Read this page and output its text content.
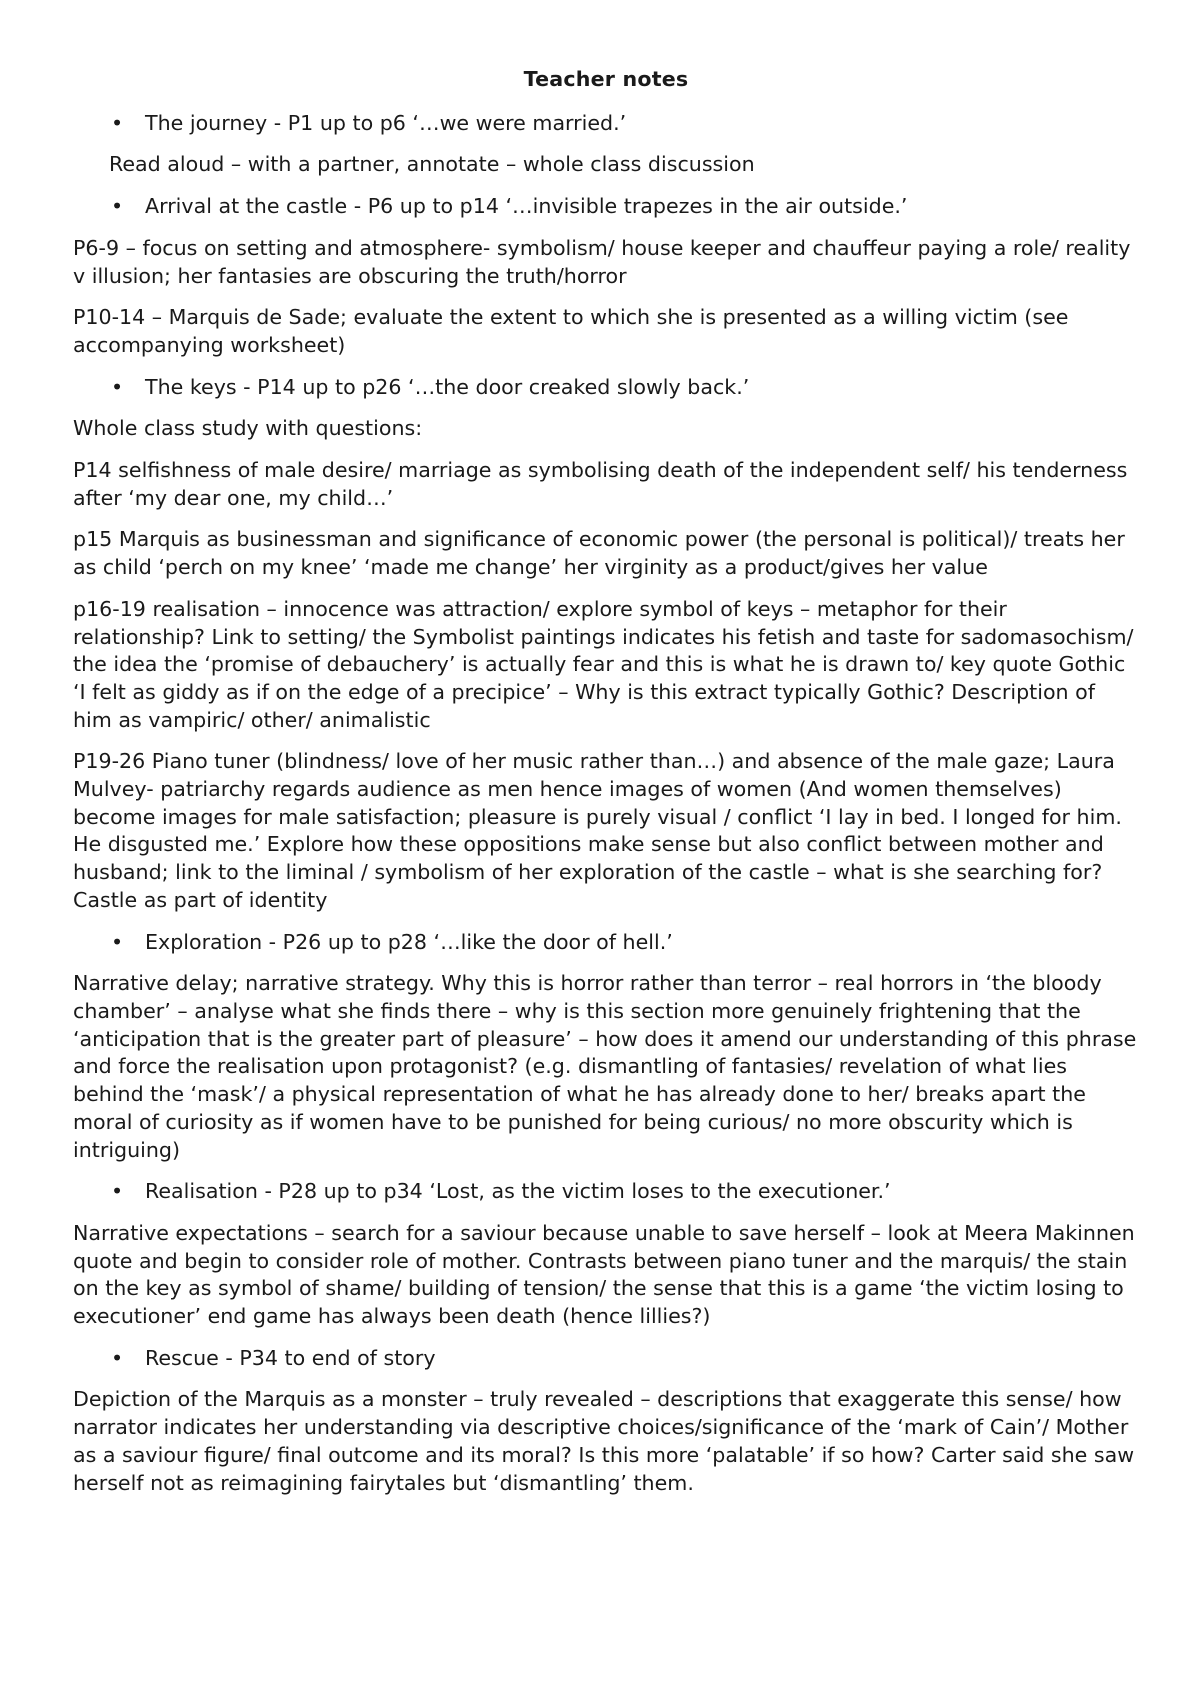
Teacher notes
• The journey - P1 up to p6 ‘…we were married.’

Read aloud – with a partner, annotate – whole class discussion

• Arrival at the castle - P6 up to p14 ‘…invisible trapezes in the air outside.’

P6-9 – focus on setting and atmosphere- symbolism/ house keeper and chauffeur paying a role/ reality v illusion; her fantasies are obscuring the truth/horror

P10-14 – Marquis de Sade; evaluate the extent to which she is presented as a willing victim (see accompanying worksheet)

• The keys - P14 up to p26 ‘…the door creaked slowly back.’

Whole class study with questions:

P14 selfishness of male desire/ marriage as symbolising death of the independent self/ his tenderness after ‘my dear one, my child…’

p15 Marquis as businessman and significance of economic power (the personal is political)/ treats her as child ‘perch on my knee’ ‘made me change’ her virginity as a product/gives her value

p16-19 realisation – innocence was attraction/ explore symbol of keys – metaphor for their relationship? Link to setting/ the Symbolist paintings indicates his fetish and taste for sadomasochism/ the idea the ‘promise of debauchery’ is actually fear and this is what he is drawn to/ key quote Gothic ‘I felt as giddy as if on the edge of a precipice’ – Why is this extract typically Gothic? Description of him as vampiric/ other/ animalistic

P19-26 Piano tuner (blindness/ love of her music rather than…) and absence of the male gaze; Laura Mulvey- patriarchy regards audience as men hence images of women (And women themselves) become images for male satisfaction; pleasure is purely visual / conflict ‘I lay in bed. I longed for him. He disgusted me.’ Explore how these oppositions make sense but also conflict between mother and husband; link to the liminal / symbolism of her exploration of the castle – what is she searching for? Castle as part of identity

• Exploration - P26 up to p28 ‘…like the door of hell.’

Narrative delay; narrative strategy. Why this is horror rather than terror – real horrors in ‘the bloody chamber’ – analyse what she finds there – why is this section more genuinely frightening that the ‘anticipation that is the greater part of pleasure’ – how does it amend our understanding of this phrase and force the realisation upon protagonist? (e.g. dismantling of fantasies/ revelation of what lies behind the ‘mask’/ a physical representation of what he has already done to her/ breaks apart the moral of curiosity as if women have to be punished for being curious/ no more obscurity which is intriguing)

• Realisation - P28 up to p34 ‘Lost, as the victim loses to the executioner.’

Narrative expectations – search for a saviour because unable to save herself – look at Meera Makinnen quote and begin to consider role of mother. Contrasts between piano tuner and the marquis/ the stain on the key as symbol of shame/ building of tension/ the sense that this is a game ‘the victim losing to executioner’ end game has always been death (hence lillies?)

• Rescue - P34 to end of story

Depiction of the Marquis as a monster – truly revealed – descriptions that exaggerate this sense/ how narrator indicates her understanding via descriptive choices/significance of the ‘mark of Cain’/ Mother as a saviour figure/ final outcome and its moral? Is this more ‘palatable’ if so how? Carter said she saw herself not as reimagining fairytales but ‘dismantling’ them.
